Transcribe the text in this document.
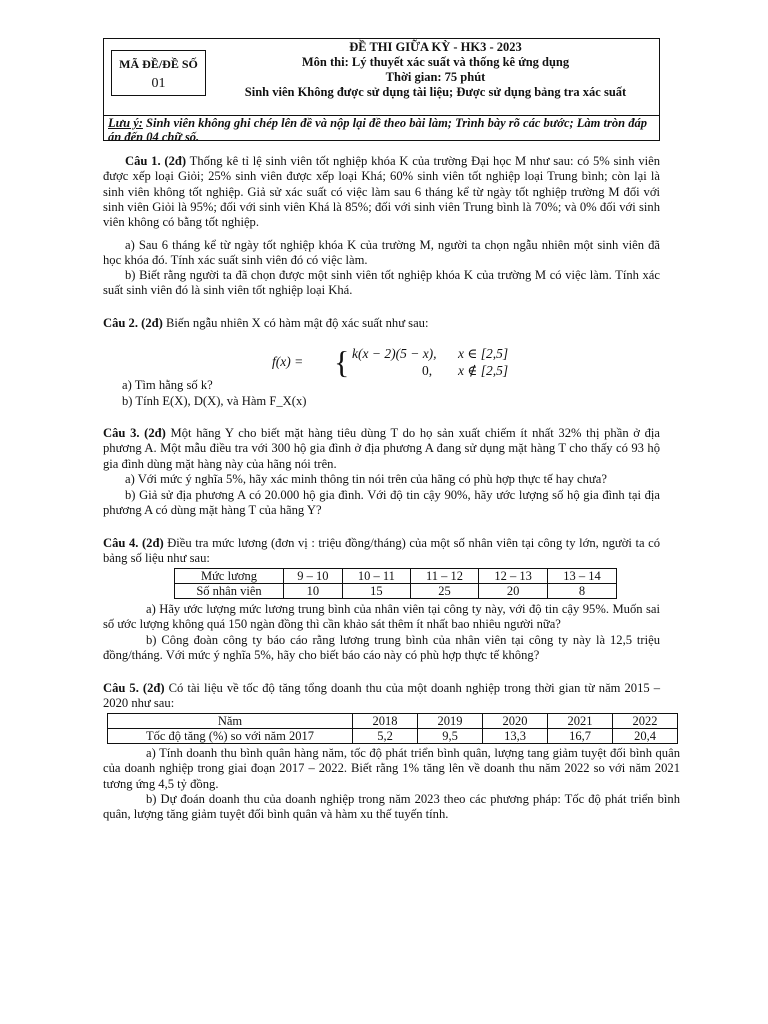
MÃ ĐỀ/ĐỀ SỐ
01
ĐỀ THI GIỮA KỲ - HK3 - 2023
Môn thi: Lý thuyết xác suất và thống kê ứng dụng
Thời gian: 75 phút
Sinh viên Không được sử dụng tài liệu; Được sử dụng bảng tra xác suất
Lưu ý: Sinh viên không ghi chép lên đề và nộp lại đề theo bài làm; Trình bày rõ các bước; Làm tròn đáp án đến 04 chữ số.
Câu 1. (2đ) Thống kê tỉ lệ sinh viên tốt nghiệp khóa K của trường Đại học M như sau: có 5% sinh viên được xếp loại Giỏi; 25% sinh viên được xếp loại Khá; 60% sinh viên tốt nghiệp loại Trung bình; còn lại là sinh viên không tốt nghiệp. Giả sử xác suất có việc làm sau 6 tháng kể từ ngày tốt nghiệp trường M đối với sinh viên Giỏi là 95%; đối với sinh viên Khá là 85%; đối với sinh viên Trung bình là 70%; và 0% đối với sinh viên không có bằng tốt nghiệp.
a) Sau 6 tháng kể từ ngày tốt nghiệp khóa K của trường M, người ta chọn ngẫu nhiên một sinh viên đã học khóa đó. Tính xác suất sinh viên đó có việc làm.
b) Biết rằng người ta đã chọn được một sinh viên tốt nghiệp khóa K của trường M có việc làm. Tính xác suất sinh viên đó là sinh viên tốt nghiệp loại Khá.
Câu 2. (2đ) Biến ngẫu nhiên X có hàm mật độ xác suất như sau:
f(x) = { k(x − 2)(5 − x),
0,
x ∈ [2,5]
x ∉ [2,5]
a) Tìm hằng số k?
b) Tính E(X), D(X), và Hàm F_X(x)
Câu 3. (2đ) Một hãng Y cho biết mặt hàng tiêu dùng T do họ sản xuất chiếm ít nhất 32% thị phần ở địa phương A. Một mẫu điều tra với 300 hộ gia đình ở địa phương A đang sử dụng mặt hàng T cho thấy có 93 hộ gia đình dùng mặt hàng này của hãng nói trên.
a) Với mức ý nghĩa 5%, hãy xác minh thông tin nói trên của hãng có phù hợp thực tế hay chưa?
b) Giả sử địa phương A có 20.000 hộ gia đình. Với độ tin cậy 90%, hãy ước lượng số hộ gia đình tại địa phương A có dùng mặt hàng T của hãng Y?
Câu 4. (2đ) Điều tra mức lương (đơn vị : triệu đồng/tháng) của một số nhân viên tại công ty lớn, người ta có bảng số liệu như sau:
Mức lương	9 – 10	10 – 11	11 – 12	12 – 13	13 – 14
Số nhân viên	10	15	25	20	8
a) Hãy ước lượng mức lương trung bình của nhân viên tại công ty này, với độ tin cậy 95%. Muốn sai số ước lượng không quá 150 ngàn đồng thì cần khảo sát thêm ít nhất bao nhiêu người nữa?
b) Công đoàn công ty báo cáo rằng lương trung bình của nhân viên tại công ty này là 12,5 triệu đồng/tháng. Với mức ý nghĩa 5%, hãy cho biết báo cáo này có phù hợp thực tế không?
Câu 5. (2đ) Có tài liệu về tốc độ tăng tổng doanh thu của một doanh nghiệp trong thời gian từ năm 2015 – 2020 như sau:
Năm	2018	2019	2020	2021	2022
Tốc độ tăng (%) so với năm 2017	5,2	9,5	13,3	16,7	20,4
a) Tính doanh thu bình quân hàng năm, tốc độ phát triển bình quân, lượng tang giảm tuyệt đối bình quân của doanh nghiệp trong giai đoạn 2017 – 2022. Biết rằng 1% tăng lên về doanh thu năm 2022 so với năm 2021 tương ứng 4,5 tỷ đồng.
b) Dự đoán doanh thu của doanh nghiệp trong năm 2023 theo các phương pháp: Tốc độ phát triển bình quân, lượng tăng giảm tuyệt đối bình quân và hàm xu thế tuyến tính.
